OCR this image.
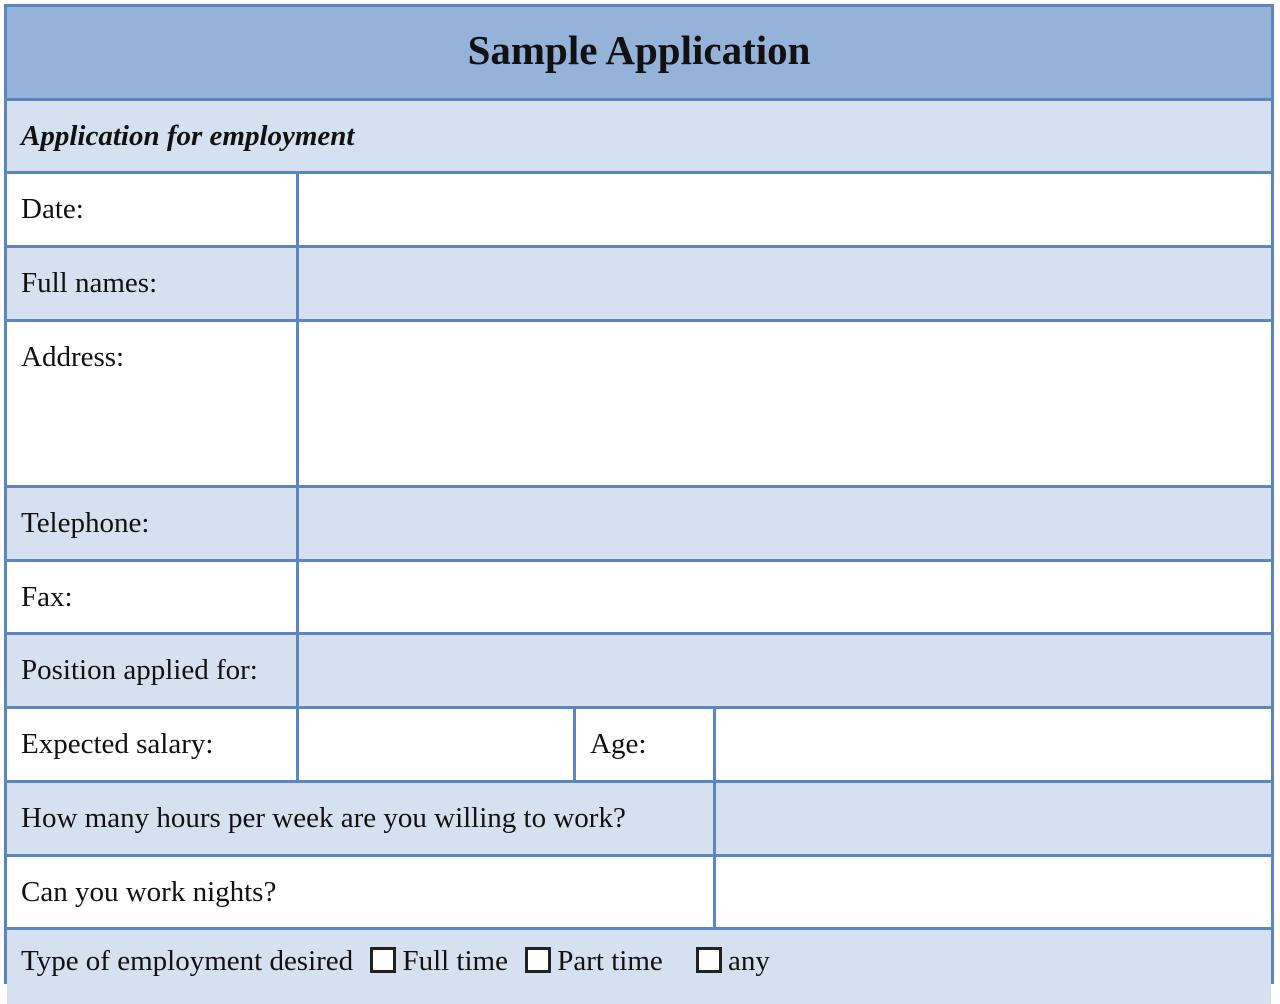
Sample Application
Application for employment
Date:
Full names:
Address:
Telephone:
Fax:
Position applied for:
Expected salary:	Age:
How many hours per week are you willing to work?
Can you work nights?
Type of employment desired Full time Part time any
